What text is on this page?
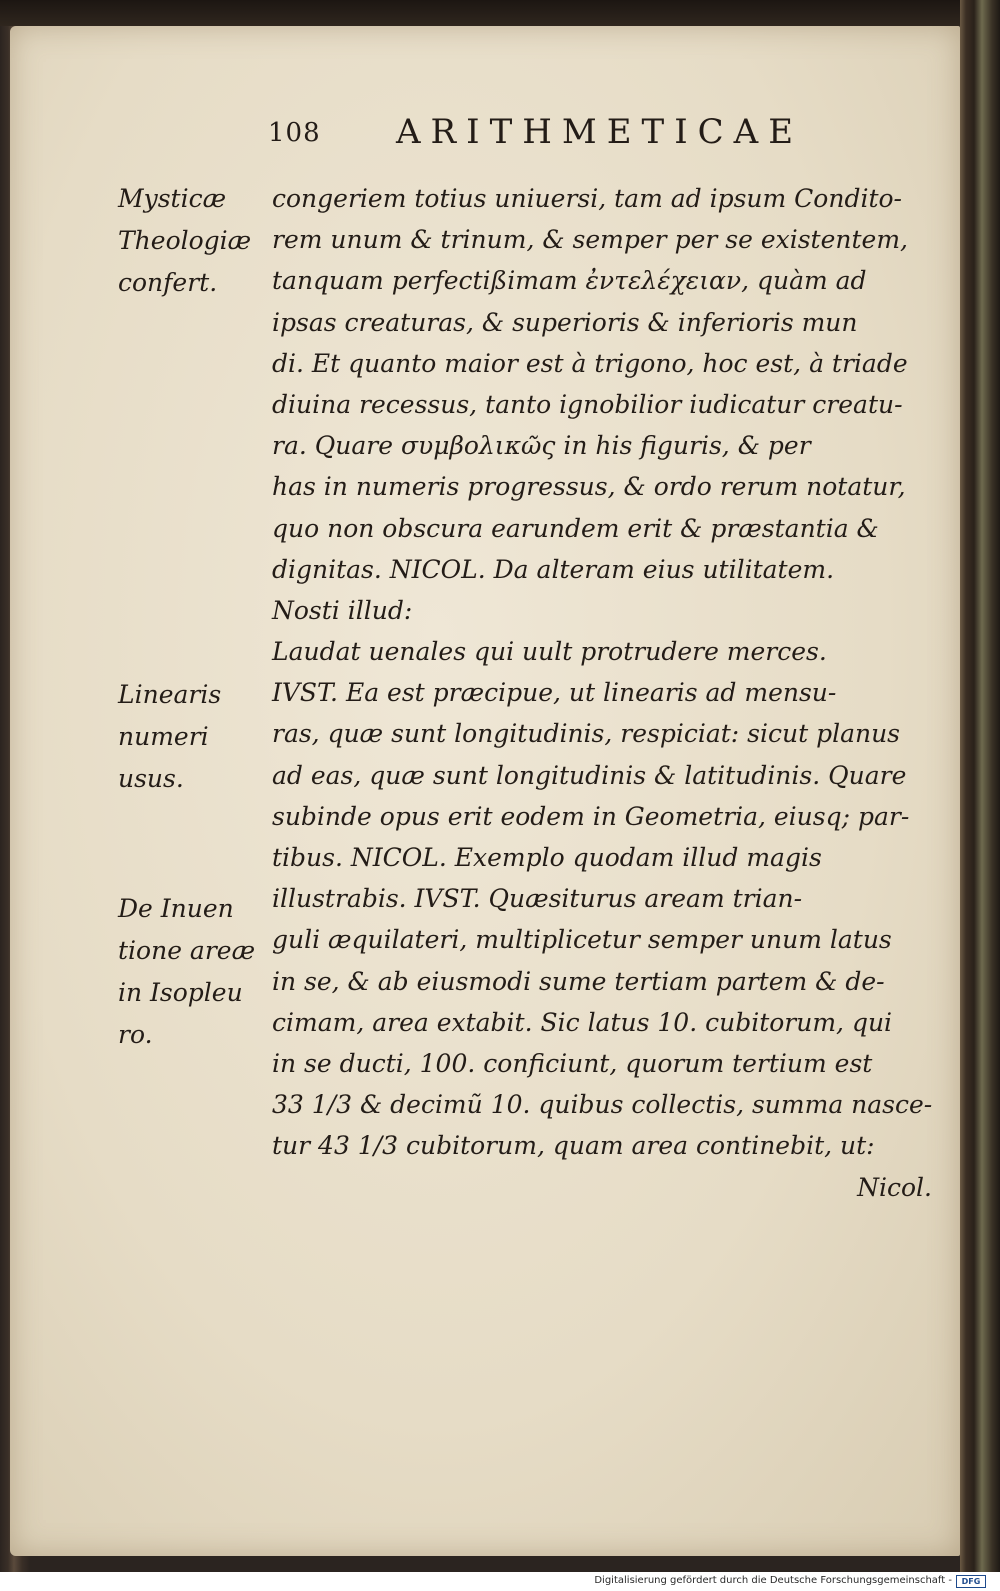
108 ARITHMETICAE
Mysticæ
Theologiæ
confert.
Linearis
numeri
usus.
De Inuen
tione areæ
in Isopleu
ro.
congeriem totius uniuersi, tam ad ipsum Condito-
rem unum & trinum, & semper per se existentem,
tanquam perfectißimam ἐντελέχειαν, quàm ad
ipsas creaturas, & superioris & inferioris mun
di. Et quanto maior est à trigono, hoc est, à triade
diuina recessus, tanto ignobilior iudicatur creatu-
ra. Quare συμβολικῶς in his figuris, & per
has in numeris progressus, & ordo rerum notatur,
quo non obscura earundem erit & præstantia &
dignitas. NICOL. Da alteram eius utilitatem.
Nosti illud:
Laudat uenales qui uult protrudere merces.
IVST. Ea est præcipue, ut linearis ad mensu-
ras, quæ sunt longitudinis, respiciat: sicut planus
ad eas, quæ sunt longitudinis & latitudinis. Quare
subinde opus erit eodem in Geometria, eiusq; par-
tibus. NICOL. Exemplo quodam illud magis
illustrabis. IVST. Quæsiturus aream trian-
guli æquilateri, multiplicetur semper unum latus
in se, & ab eiusmodi sume tertiam partem & de-
cimam, area extabit. Sic latus 10. cubitorum, qui
in se ducti, 100. conficiunt, quorum tertium est
33 1/3 & decimũ 10. quibus collectis, summa nasce-
tur 43 1/3 cubitorum, quam area continebit, ut:
Nicol.
Digitalisierung gefördert durch die Deutsche Forschungsgemeinschaft -	DFG
